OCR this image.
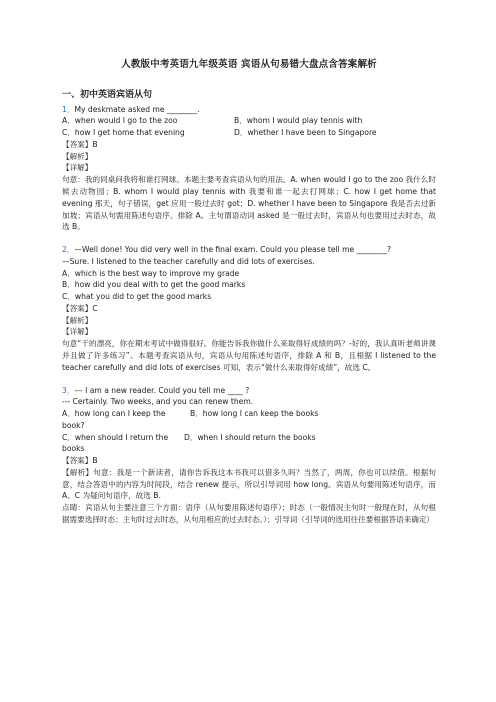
人教版中考英语九年级英语 宾语从句易错大盘点含答案解析
一、初中英语宾语从句
1．My deskmate asked me ________.
A．when would I go to the zoo	B．whom I would play tennis with
C．how I get home that evening	D．whether I have been to Singapore
【答案】B
【解析】
【详解】

句意：我的同桌问我将和谁打网球。本题主要考查宾语从句的用法。A. when would I go to the zoo 我什么时候去动物园；B. whom I would play tennis with 我要和谁一起去打网球；C. how I get home that evening 那天，句子错误，get 应用一般过去时 got；D. whether I have been to Singapore 我是否去过新加坡；宾语从句需用陈述句语序。排除 A。主句谓语动词 asked 是一般过去时，宾语从句也要用过去时态，故选 B。

2．—Well done! You did very well in the final exam. Could you please tell me ________?
—Sure. I listened to the teacher carefully and did lots of exercises.
A．which is the best way to improve my grade
B．how did you deal with to get the good marks
C．what you did to get the good marks
【答案】C
【解析】
【详解】

句意“干的漂亮，你在期末考试中做得很好。你能告诉我你做什么来取得好成绩的吗？-好的，我认真听老师讲课并且做了许多练习”。本题考查宾语从句，宾语从句用陈述句语序，排除 A 和 B，且根据 I listened to the teacher carefully and did lots of exercises 可知，表示“做什么来取得好成绩”，故选 C。

3．--- I am a new reader. Could you tell me ____ ?
--- Certainly. Two weeks, and you can renew them.
A．how long can I keep the book?
B．how long I can keep the books
C．when should I return the books
D．when I should return the books
【答案】B

【解析】句意：我是一个新读者，请你告诉我这本书我可以借多久吗？当然了，两周，你也可以续借。根据句意，结合答语中的内容为时间段，结合 renew 提示，所以引导词用 how long。宾语从句要用陈述句语序，而 A、C 为疑问句语序，故选 B.

点睛：宾语从句主要注意三个方面：语序（从句要用陈述句语序）；时态（一般情况主句时一般现在时，从句根据需要选择时态；主句时过去时态，从句用相应的过去时态。）；引导词（引导词的选用往往要根据答语来确定）
